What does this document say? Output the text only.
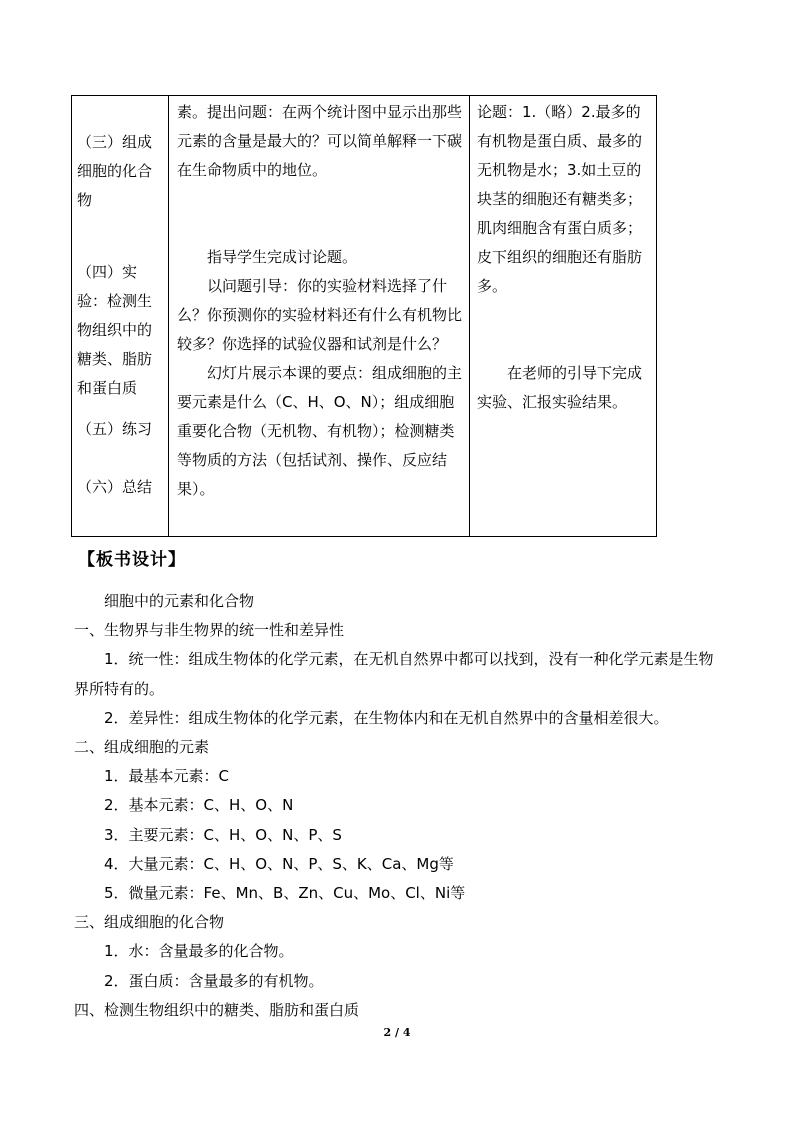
（三）组成细胞的化合物

（四）实验：检测生物组织中的糖类、脂肪和蛋白质

（五）练习

（六）总结

素。提出问题：在两个统计图中显示出那些元素的含量是最大的？可以简单解释一下碳在生命物质中的地位。

指导学生完成讨论题。

以问题引导：你的实验材料选择了什么？你预测你的实验材料还有什么有机物比较多？你选择的试验仪器和试剂是什么？

幻灯片展示本课的要点：组成细胞的主要元素是什么（C、H、O、N）；组成细胞重要化合物（无机物、有机物）；检测糖类等物质的方法（包括试剂、操作、反应结果）。

论题：1.（略）2.最多的有机物是蛋白质、最多的无机物是水；3.如土豆的块茎的细胞还有糖类多；肌肉细胞含有蛋白质多；皮下组织的细胞还有脂肪多。

在老师的引导下完成实验、汇报实验结果。

【板书设计】

细胞中的元素和化合物

一、生物界与非生物界的统一性和差异性

1．统一性：组成生物体的化学元素，在无机自然界中都可以找到，没有一种化学元素是生物界所特有的。

2．差异性：组成生物体的化学元素，在生物体内和在无机自然界中的含量相差很大。

二、组成细胞的元素

1．最基本元素：C

2．基本元素：C、H、O、N

3．主要元素：C、H、O、N、P、S

4．大量元素：C、H、O、N、P、S、K、Ca、Mg等

5．微量元素：Fe、Mn、B、Zn、Cu、Mo、Cl、Ni等

三、组成细胞的化合物

1．水：含量最多的化合物。

2．蛋白质：含量最多的有机物。

四、检测生物组织中的糖类、脂肪和蛋白质

2 / 4
